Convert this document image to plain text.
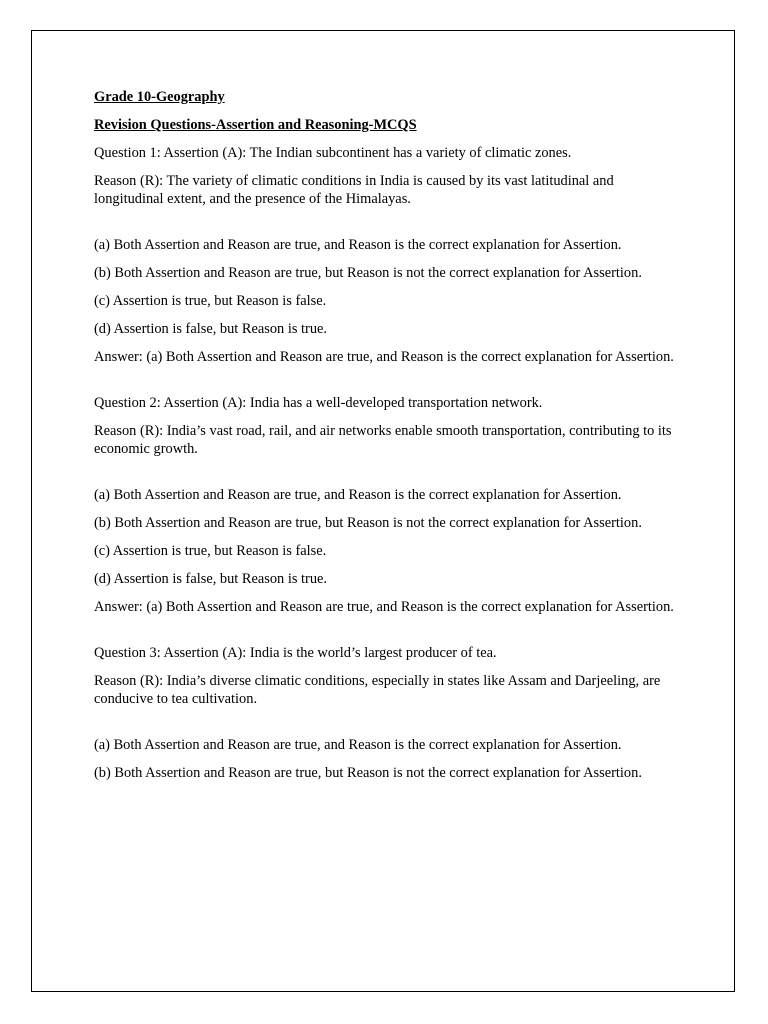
Grade 10-Geography

Revision Questions-Assertion and Reasoning-MCQS

Question 1: Assertion (A): The Indian subcontinent has a variety of climatic zones.

Reason (R): The variety of climatic conditions in India is caused by its vast latitudinal and longitudinal extent, and the presence of the Himalayas.

(a) Both Assertion and Reason are true, and Reason is the correct explanation for Assertion.

(b) Both Assertion and Reason are true, but Reason is not the correct explanation for Assertion.

(c) Assertion is true, but Reason is false.

(d) Assertion is false, but Reason is true.

Answer: (a) Both Assertion and Reason are true, and Reason is the correct explanation for Assertion.

Question 2: Assertion (A): India has a well-developed transportation network.

Reason (R): India’s vast road, rail, and air networks enable smooth transportation, contributing to its economic growth.

(a) Both Assertion and Reason are true, and Reason is the correct explanation for Assertion.

(b) Both Assertion and Reason are true, but Reason is not the correct explanation for Assertion.

(c) Assertion is true, but Reason is false.

(d) Assertion is false, but Reason is true.

Answer: (a) Both Assertion and Reason are true, and Reason is the correct explanation for Assertion.

Question 3: Assertion (A): India is the world’s largest producer of tea.

Reason (R): India’s diverse climatic conditions, especially in states like Assam and Darjeeling, are conducive to tea cultivation.

(a) Both Assertion and Reason are true, and Reason is the correct explanation for Assertion.

(b) Both Assertion and Reason are true, but Reason is not the correct explanation for Assertion.
